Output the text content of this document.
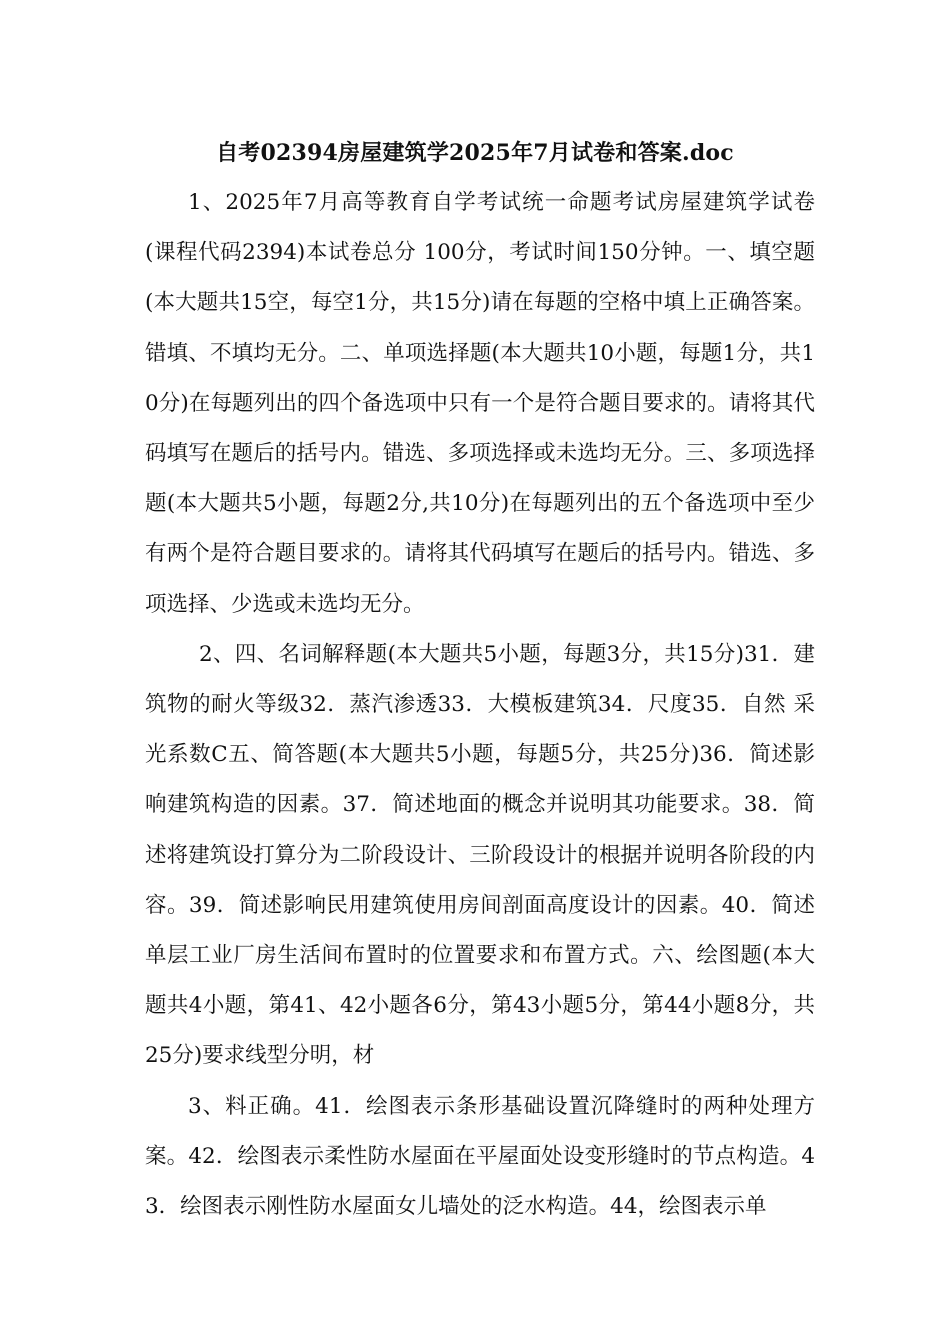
自考02394房屋建筑学2025年7月试卷和答案.doc

1、2025年7月高等教育自学考试统一命题考试房屋建筑学试卷(课程代码2394)本试卷总分 100分，考试时间150分钟。一、填空题(本大题共15空，每空1分，共15分)请在每题的空格中填上正确答案。错填、不填均无分。二、单项选择题(本大题共10小题，每题1分，共10分)在每题列出的四个备选项中只有一个是符合题目要求的。请将其代码填写在题后的括号内。错选、多项选择或未选均无分。三、多项选择题(本大题共5小题，每题2分,共10分)在每题列出的五个备选项中至少有两个是符合题目要求的。请将其代码填写在题后的括号内。错选、多项选择、少选或未选均无分。

2、四、名词解释题(本大题共5小题，每题3分，共15分)31．建筑物的耐火等级32．蒸汽渗透33．大模板建筑34．尺度35．自然 采光系数C五、简答题(本大题共5小题，每题5分，共25分)36．简述影响建筑构造的因素。37．简述地面的概念并说明其功能要求。38．简述将建筑设打算分为二阶段设计、三阶段设计的根据并说明各阶段的内容。39．简述影响民用建筑使用房间剖面高度设计的因素。40．简述单层工业厂房生活间布置时的位置要求和布置方式。六、绘图题(本大题共4小题，第41、42小题各6分，第43小题5分，第44小题8分，共25分)要求线型分明，材

3、料正确。41．绘图表示条形基础设置沉降缝时的两种处理方案。42．绘图表示柔性防水屋面在平屋面处设变形缝时的节点构造。43．绘图表示刚性防水屋面女儿墙处的泛水构造。44，绘图表示单
